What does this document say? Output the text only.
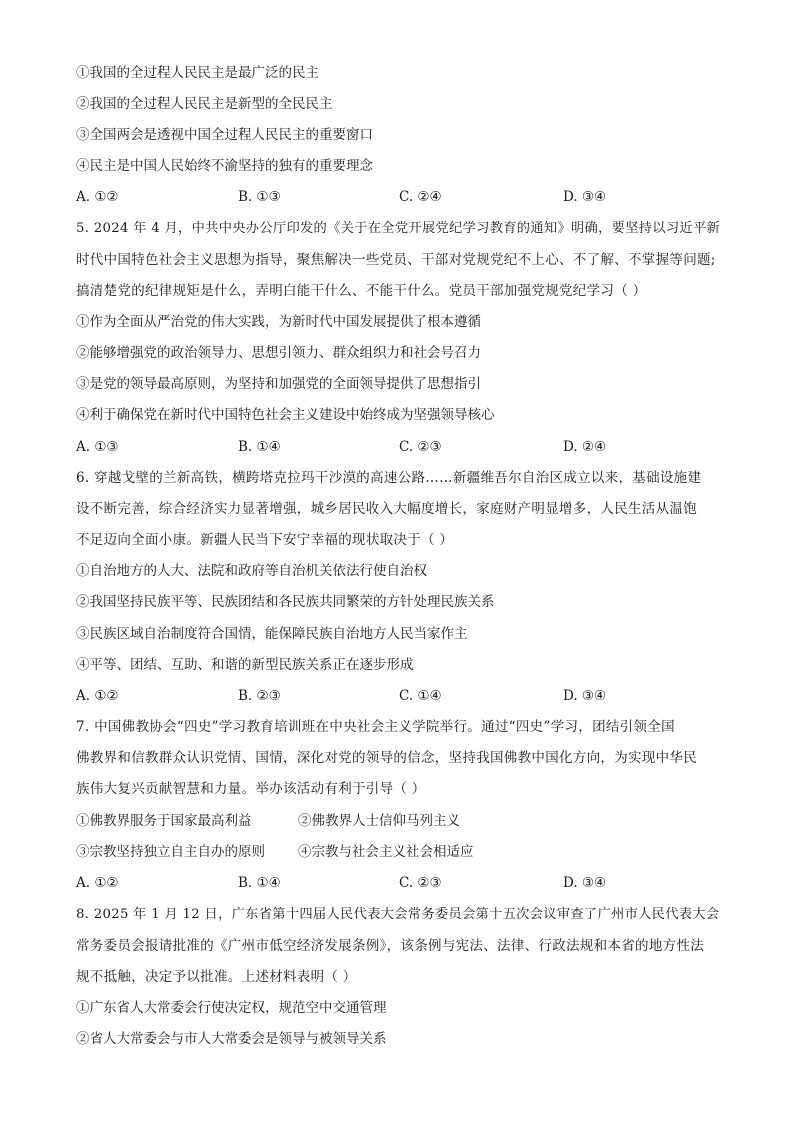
①我国的全过程人民民主是最广泛的民主
②我国的全过程人民民主是新型的全民民主
③全国两会是透视中国全过程人民民主的重要窗口
④民主是中国人民始终不渝坚持的独有的重要理念
A. ①②	B. ①③	C. ②④	D. ③④
5. 2024 年 4 月，中共中央办公厅印发的《关于在全党开展党纪学习教育的通知》明确，要坚持以习近平新
时代中国特色社会主义思想为指导，聚焦解决一些党员、干部对党规党纪不上心、不了解、不掌握等问题;
搞清楚党的纪律规矩是什么，弄明白能干什么、不能干什么。党员干部加强党规党纪学习（ ）
①作为全面从严治党的伟大实践，为新时代中国发展提供了根本遵循
②能够增强党的政治领导力、思想引领力、群众组织力和社会号召力
③是党的领导最高原则，为坚持和加强党的全面领导提供了思想指引
④利于确保党在新时代中国特色社会主义建设中始终成为坚强领导核心
A. ①③	B. ①④	C. ②③	D. ②④
6. 穿越戈壁的兰新高铁，横跨塔克拉玛干沙漠的高速公路……新疆维吾尔自治区成立以来，基础设施建
设不断完善，综合经济实力显著增强，城乡居民收入大幅度增长，家庭财产明显增多，人民生活从温饱
不足迈向全面小康。新疆人民当下安宁幸福的现状取决于（ ）
①自治地方的人大、法院和政府等自治机关依法行使自治权
②我国坚持民族平等、民族团结和各民族共同繁荣的方针处理民族关系
③民族区域自治制度符合国情，能保障民族自治地方人民当家作主
④平等、团结、互助、和谐的新型民族关系正在逐步形成
A. ①②	B. ②③	C. ①④	D. ③④
7. 中国佛教协会“四史”学习教育培训班在中央社会主义学院举行。通过“四史”学习，团结引领全国
佛教界和信教群众认识党情、国情，深化对党的领导的信念，坚持我国佛教中国化方向，为实现中华民
族伟大复兴贡献智慧和力量。举办该活动有利于引导（ ）
①佛教界服务于国家最高利益	②佛教界人士信仰马列主义
③宗教坚持独立自主自办的原则 ④宗教与社会主义社会相适应
A. ①②	B. ①④	C. ②③	D. ③④
8. 2025 年 1 月 12 日，广东省第十四届人民代表大会常务委员会第十五次会议审查了广州市人民代表大会
常务委员会报请批准的《广州市低空经济发展条例》，该条例与宪法、法律、行政法规和本省的地方性法
规不抵触，决定予以批准。上述材料表明（ ）
①广东省人大常委会行使决定权，规范空中交通管理
②省人大常委会与市人大常委会是领导与被领导关系
